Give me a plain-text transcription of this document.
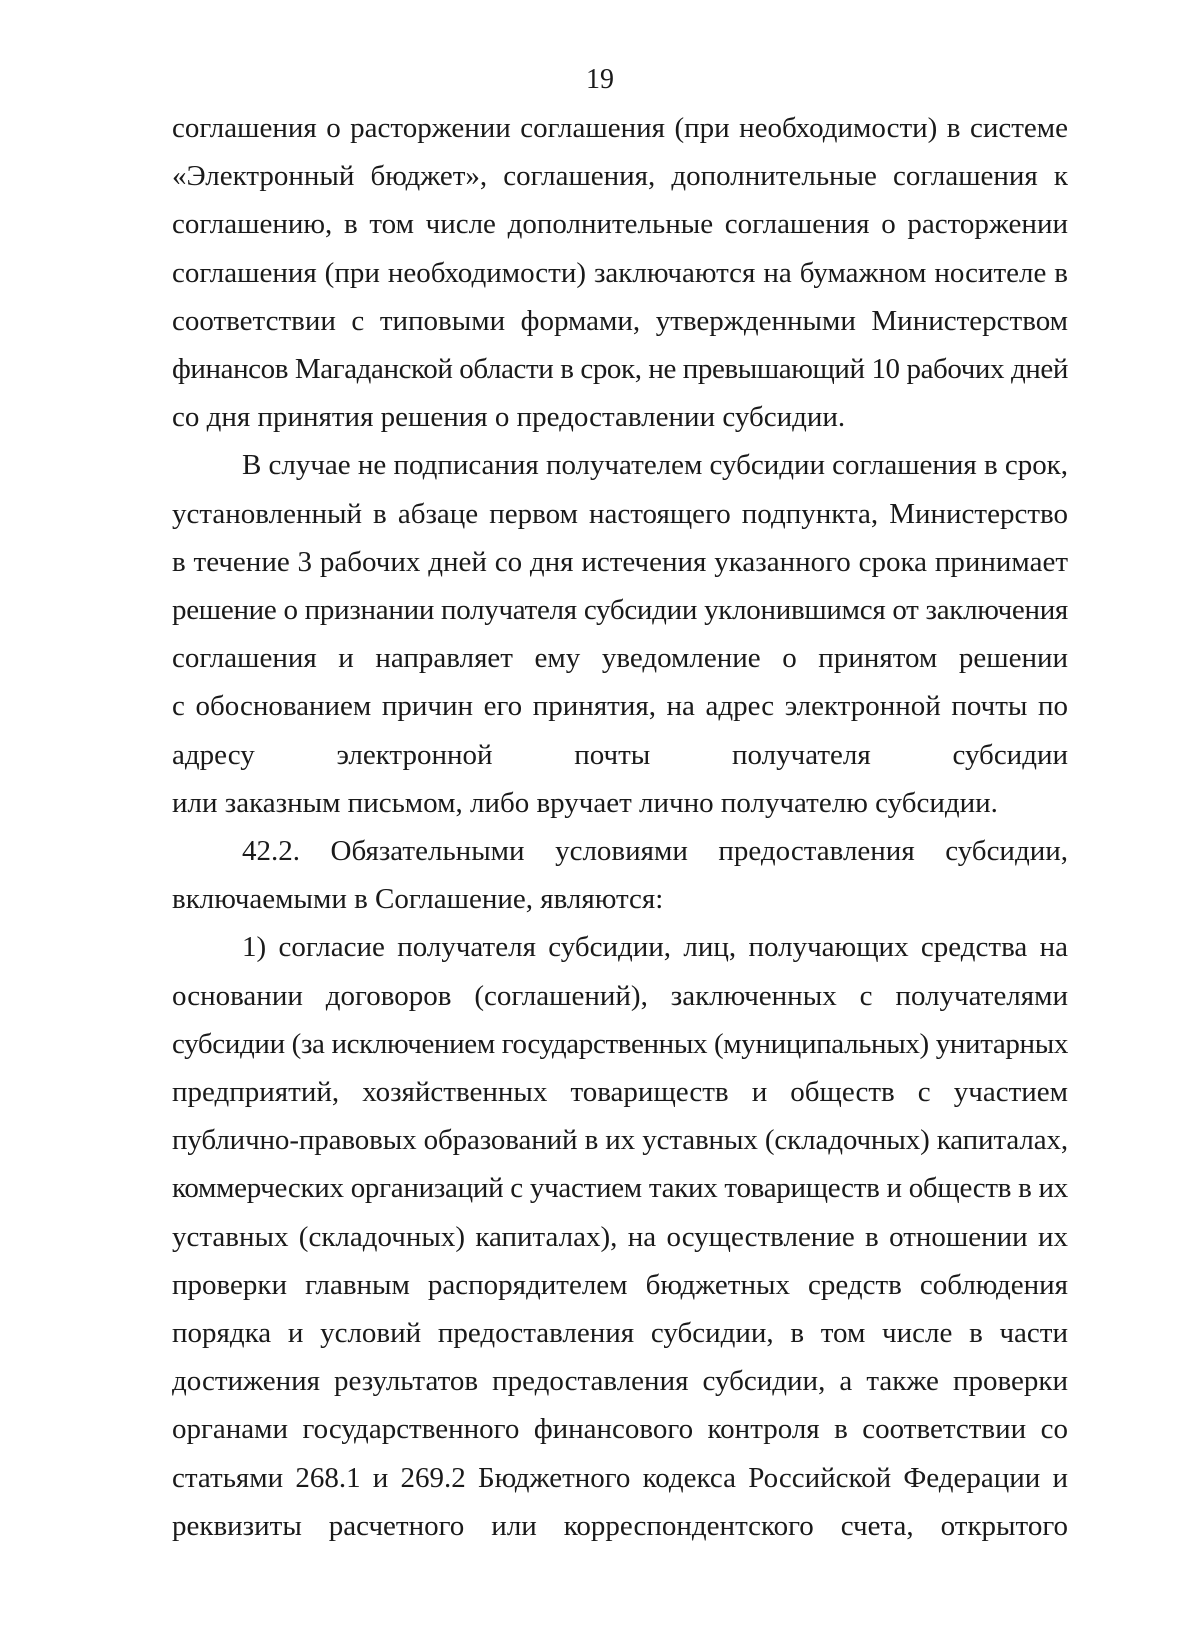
19
соглашения о расторжении соглашения (при необходимости) в системе
«Электронный бюджет», соглашения, дополнительные соглашения к
соглашению, в том числе дополнительные соглашения о расторжении
соглашения (при необходимости) заключаются на бумажном носителе в
соответствии с типовыми формами, утвержденными Министерством
финансов Магаданской области в срок, не превышающий 10 рабочих дней
со дня принятия решения о предоставлении субсидии.
В случае не подписания получателем субсидии соглашения в срок,
установленный в абзаце первом настоящего подпункта, Министерство
в течение 3 рабочих дней со дня истечения указанного срока принимает
решение о признании получателя субсидии уклонившимся от заключения
соглашения и направляет ему уведомление о принятом решении
с обоснованием причин его принятия, на адрес электронной почты по
адресу электронной почты получателя субсидии
или заказным письмом, либо вручает лично получателю субсидии.
42.2. Обязательными условиями предоставления субсидии,
включаемыми в Соглашение, являются:
1) согласие получателя субсидии, лиц, получающих средства на
основании договоров (соглашений), заключенных с получателями
субсидии (за исключением государственных (муниципальных) унитарных
предприятий, хозяйственных товариществ и обществ с участием
публично-правовых образований в их уставных (складочных) капиталах,
коммерческих организаций с участием таких товариществ и обществ в их
уставных (складочных) капиталах), на осуществление в отношении их
проверки главным распорядителем бюджетных средств соблюдения
порядка и условий предоставления субсидии, в том числе в части
достижения результатов предоставления субсидии, а также проверки
органами государственного финансового контроля в соответствии со
статьями 268.1 и 269.2 Бюджетного кодекса Российской Федерации и
реквизиты расчетного или корреспондентского счета, открытого
